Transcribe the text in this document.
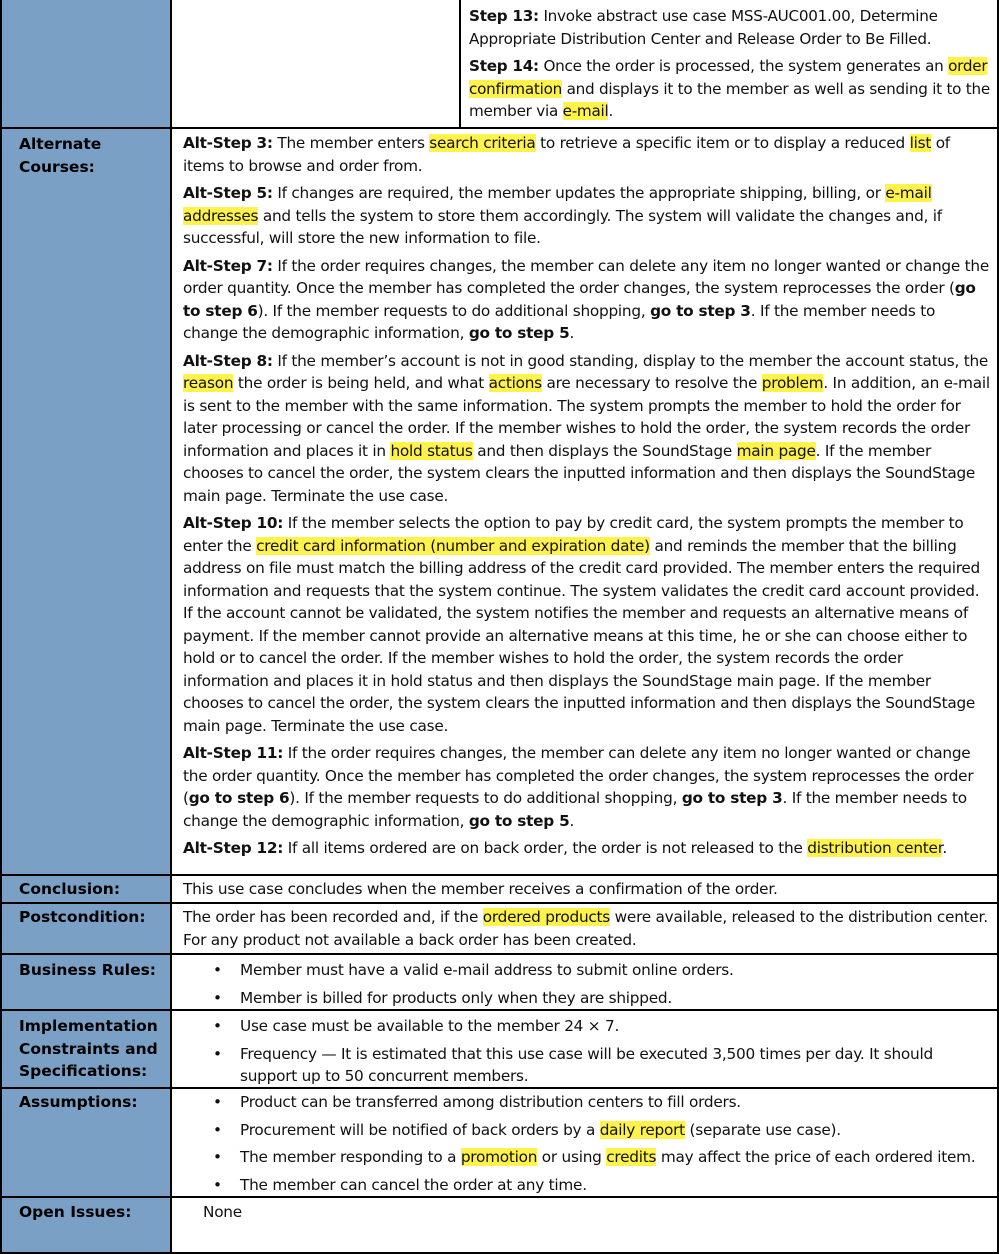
Step 13: Invoke abstract use case MSS-AUC001.00, Determine Appropriate Distribution Center and Release Order to Be Filled.

Step 14: Once the order is processed, the system generates an order confirmation and displays it to the member as well as sending it to the member via e-mail.

Alternate Courses:

Alt-Step 3: The member enters search criteria to retrieve a specific item or to display a reduced list of items to browse and order from.

Alt-Step 5: If changes are required, the member updates the appropriate shipping, billing, or e-mail addresses and tells the system to store them accordingly. The system will validate the changes and, if successful, will store the new information to file.

Alt-Step 7: If the order requires changes, the member can delete any item no longer wanted or change the order quantity. Once the member has completed the order changes, the system reprocesses the order (go to step 6). If the member requests to do additional shopping, go to step 3. If the member needs to change the demographic information, go to step 5.

Alt-Step 8: If the member’s account is not in good standing, display to the member the account status, the reason the order is being held, and what actions are necessary to resolve the problem. In addition, an e-mail is sent to the member with the same information. The system prompts the member to hold the order for later processing or cancel the order. If the member wishes to hold the order, the system records the order information and places it in hold status and then displays the SoundStage main page. If the member chooses to cancel the order, the system clears the inputted information and then displays the SoundStage main page. Terminate the use case.

Alt-Step 10: If the member selects the option to pay by credit card, the system prompts the member to enter the credit card information (number and expiration date) and reminds the member that the billing address on file must match the billing address of the credit card provided. The member enters the required information and requests that the system continue. The system validates the credit card account provided. If the account cannot be validated, the system notifies the member and requests an alternative means of payment. If the member cannot provide an alternative means at this time, he or she can choose either to hold or to cancel the order. If the member wishes to hold the order, the system records the order information and places it in hold status and then displays the SoundStage main page. If the member chooses to cancel the order, the system clears the inputted information and then displays the SoundStage main page. Terminate the use case.

Alt-Step 11: If the order requires changes, the member can delete any item no longer wanted or change the order quantity. Once the member has completed the order changes, the system reprocesses the order (go to step 6). If the member requests to do additional shopping, go to step 3. If the member needs to change the demographic information, go to step 5.

Alt-Step 12: If all items ordered are on back order, the order is not released to the distribution center.

Conclusion:	This use case concludes when the member receives a confirmation of the order.
Postcondition:	The order has been recorded and, if the ordered products were available, released to the distribution center. For any product not available a back order has been created.
Business Rules:	• Member must have a valid e-mail address to submit online orders.
• Member is billed for products only when they are shipped.
Implementation Constraints and Specifications:
• Use case must be available to the member 24 × 7.
• Frequency — It is estimated that this use case will be executed 3,500 times per day. It should support up to 50 concurrent members.
Assumptions:	• Product can be transferred among distribution centers to fill orders.
• Procurement will be notified of back orders by a daily report (separate use case).
• The member responding to a promotion or using credits may affect the price of each ordered item.
• The member can cancel the order at any time.
Open Issues:	None
